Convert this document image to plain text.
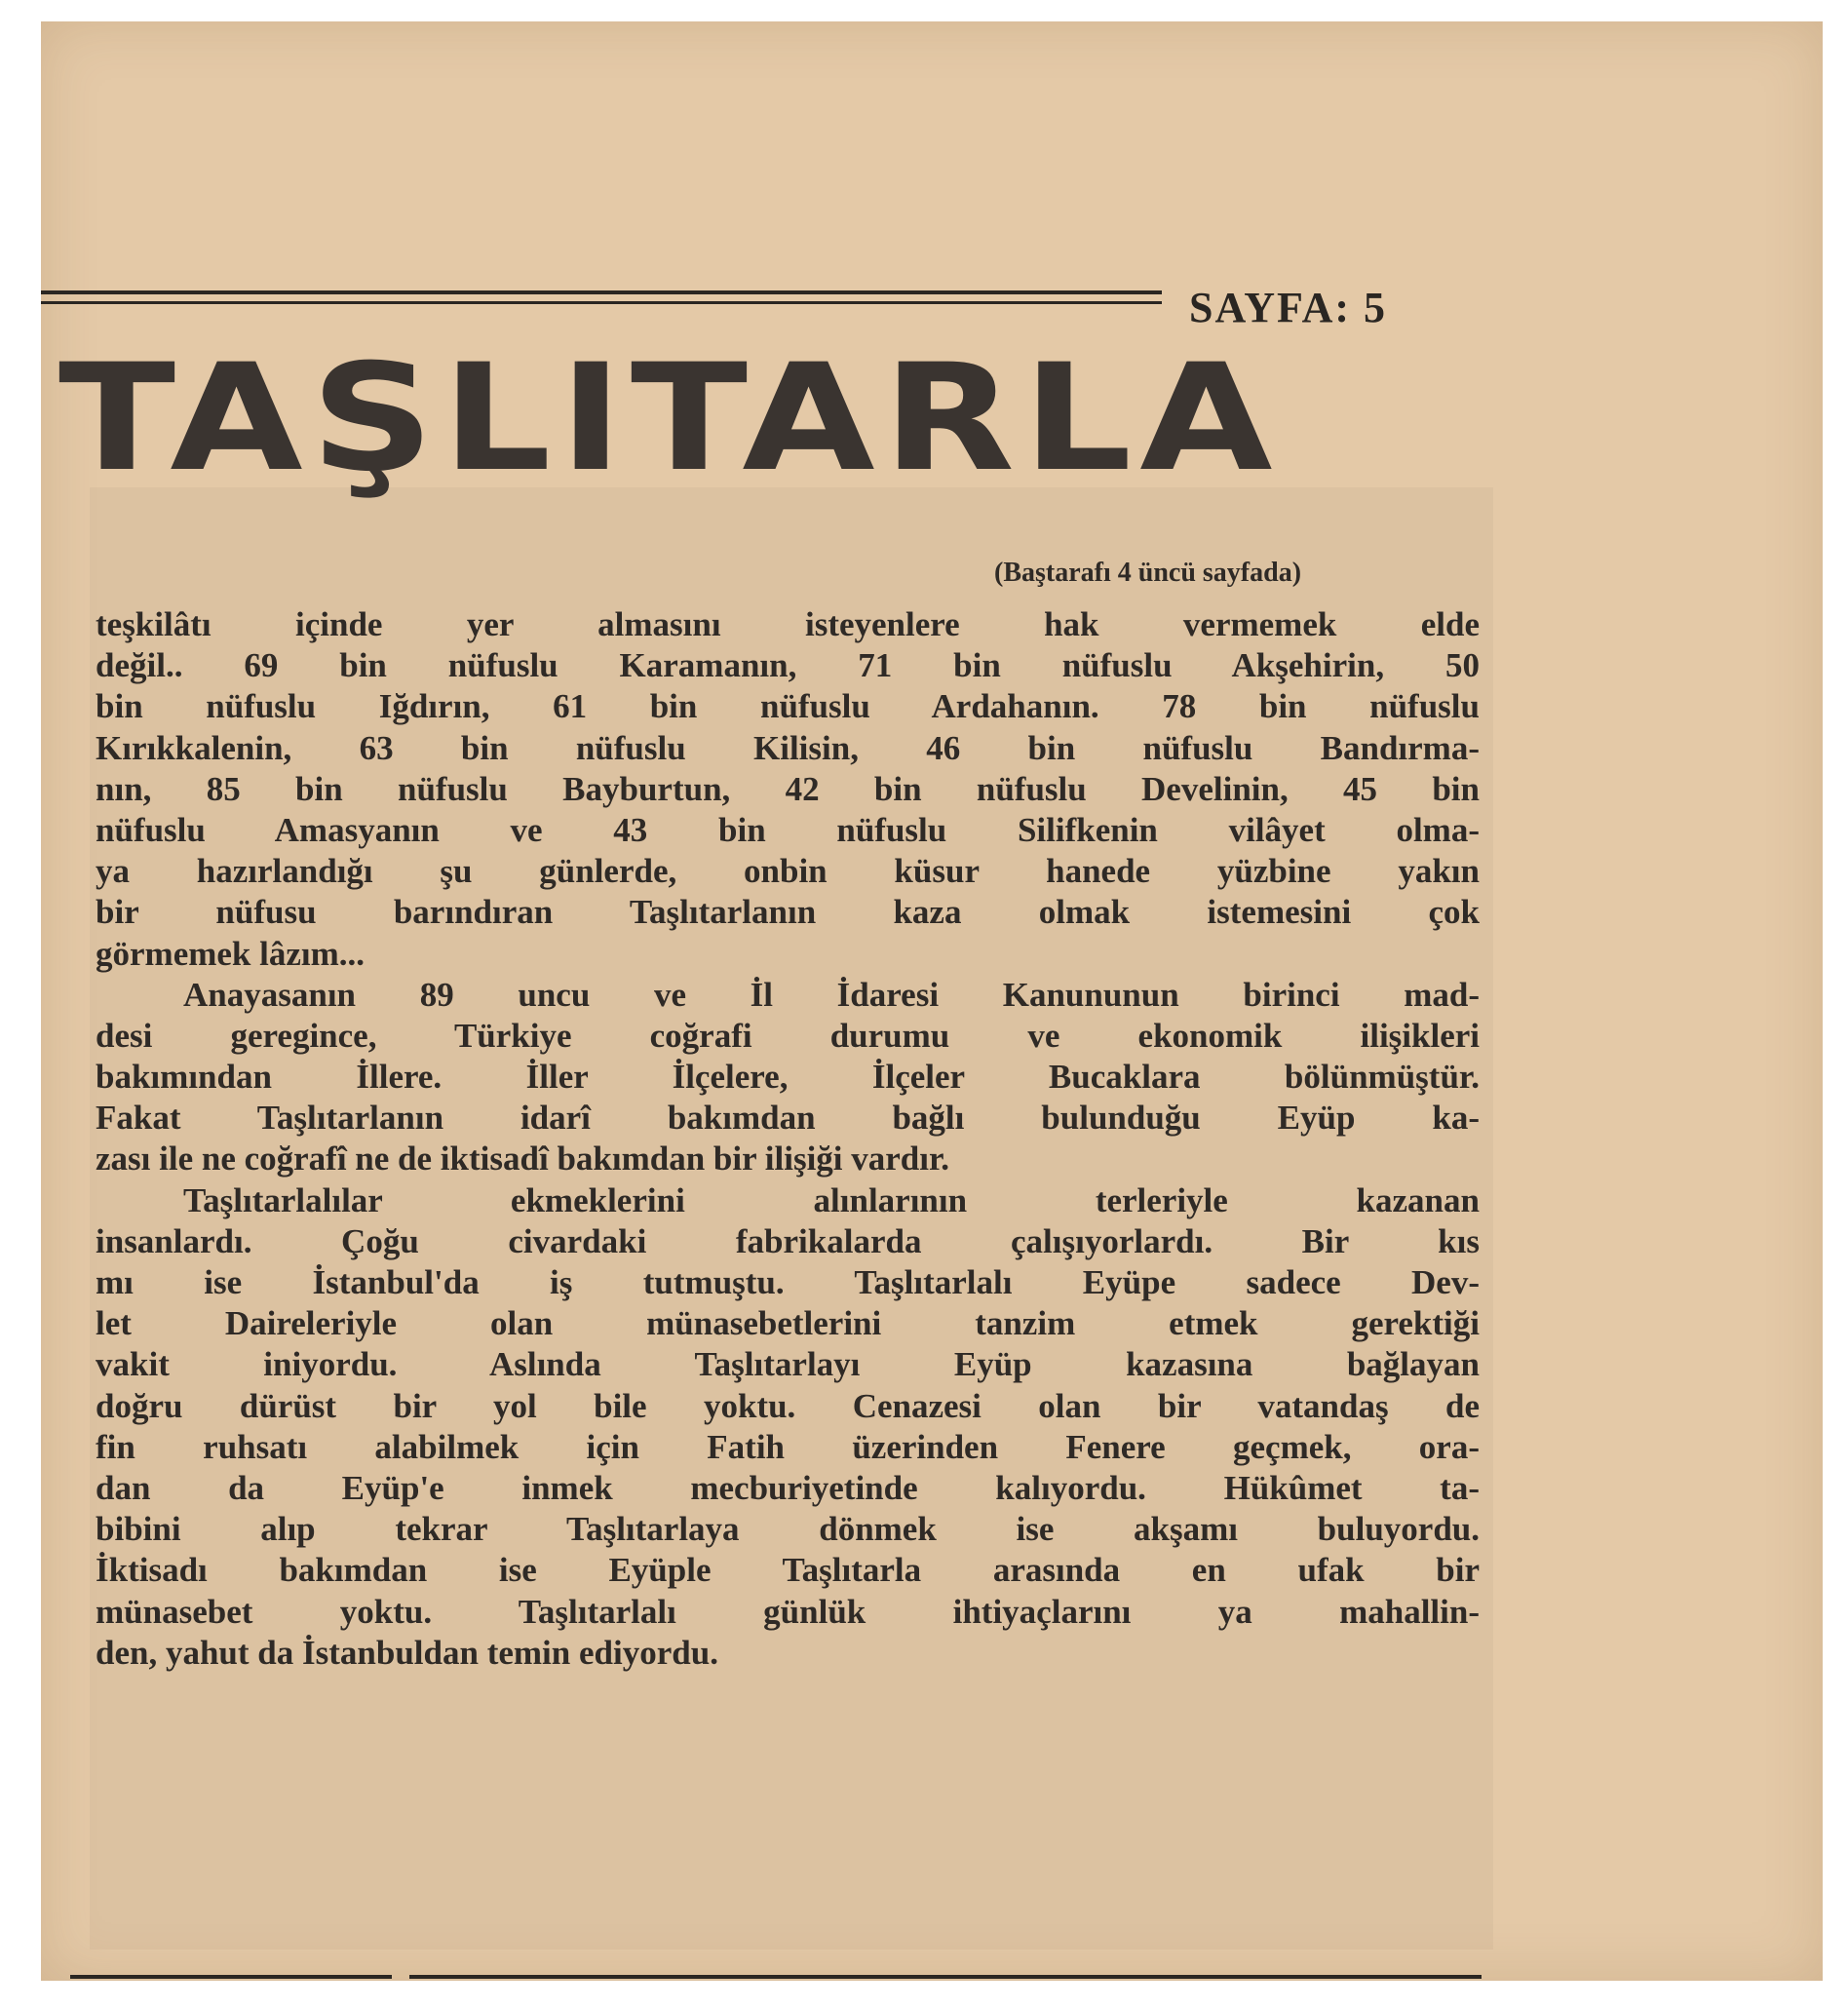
SAYFA: 5
TAŞLITARLA
(Baştarafı 4 üncü sayfada)
teşkilâtı içinde yer almasını isteyenlere hak vermemek elde
değil.. 69 bin nüfuslu Karamanın, 71 bin nüfuslu Akşehirin, 50
bin nüfuslu Iğdırın, 61 bin nüfuslu Ardahanın. 78 bin nüfuslu
Kırıkkalenin, 63 bin nüfuslu Kilisin, 46 bin nüfuslu Bandırma-
nın, 85 bin nüfuslu Bayburtun, 42 bin nüfuslu Develinin, 45 bin
nüfuslu Amasyanın ve 43 bin nüfuslu Silifkenin vilâyet olma-
ya hazırlandığı şu günlerde, onbin küsur hanede yüzbine yakın
bir nüfusu barındıran Taşlıtarlanın kaza olmak istemesini çok
görmemek lâzım...
Anayasanın 89 uncu ve İl İdaresi Kanununun birinci mad-
desi geregince, Türkiye coğrafi durumu ve ekonomik ilişikleri
bakımından İllere. İller İlçelere, İlçeler Bucaklara bölünmüştür.
Fakat Taşlıtarlanın idarî bakımdan bağlı bulunduğu Eyüp ka-
zası ile ne coğrafî ne de iktisadî bakımdan bir ilişiği vardır.
Taşlıtarlalılar ekmeklerini alınlarının terleriyle kazanan
insanlardı. Çoğu civardaki fabrikalarda çalışıyorlardı. Bir kıs
mı ise İstanbul'da iş tutmuştu. Taşlıtarlalı Eyüpe sadece Dev-
let Daireleriyle olan münasebetlerini tanzim etmek gerektiği
vakit iniyordu. Aslında Taşlıtarlayı Eyüp kazasına bağlayan
doğru dürüst bir yol bile yoktu. Cenazesi olan bir vatandaş de
fin ruhsatı alabilmek için Fatih üzerinden Fenere geçmek, ora-
dan da Eyüp'e inmek mecburiyetinde kalıyordu. Hükûmet ta-
bibini alıp tekrar Taşlıtarlaya dönmek ise akşamı buluyordu.
İktisadı bakımdan ise Eyüple Taşlıtarla arasında en ufak bir
münasebet yoktu. Taşlıtarlalı günlük ihtiyaçlarını ya mahallin-
den, yahut da İstanbuldan temin ediyordu.
